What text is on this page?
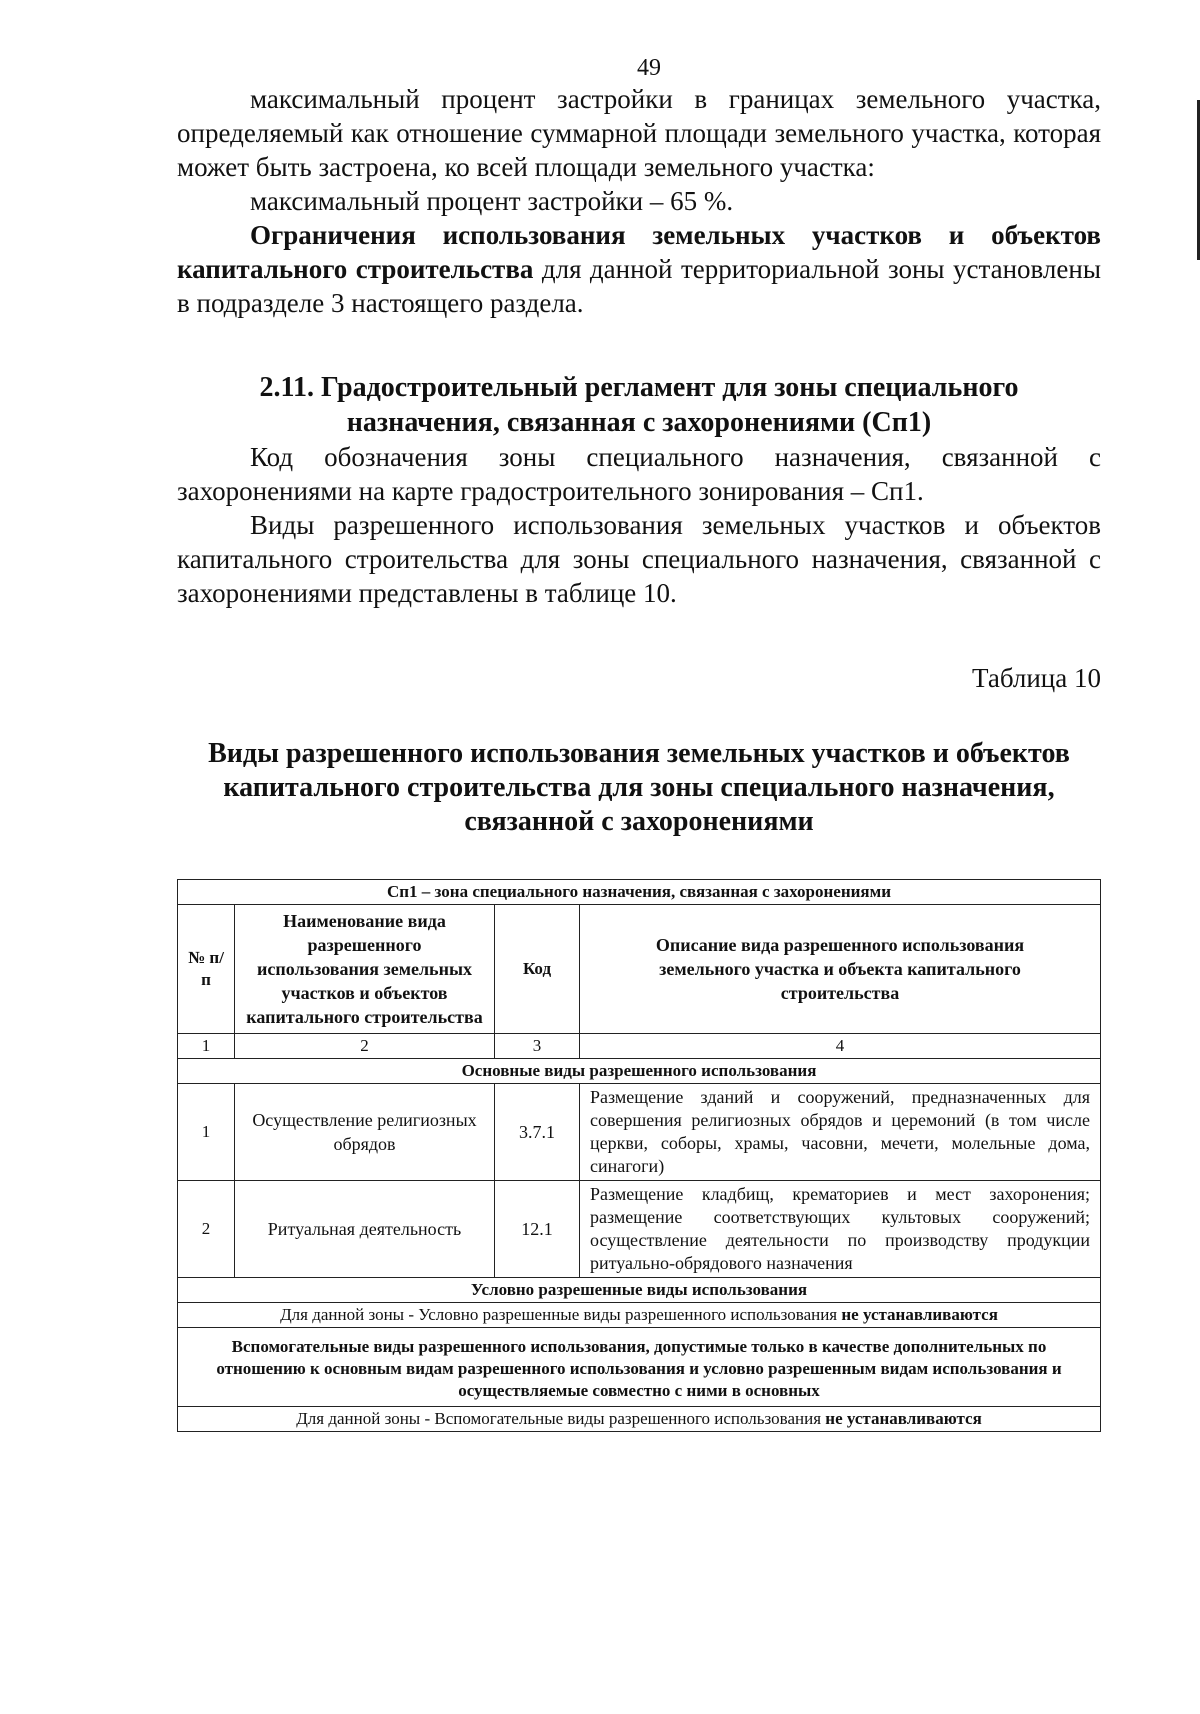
49

максимальный процент застройки в границах земельного участка, определяемый как отношение суммарной площади земельного участка, которая может быть застроена, ко всей площади земельного участка:

максимальный процент застройки – 65 %.

Ограничения использования земельных участков и объектов капитального строительства для данной территориальной зоны установлены в подразделе 3 настоящего раздела.

2.11. Градостроительный регламент для зоны специального назначения, связанная с захоронениями (Сп1)

Код обозначения зоны специального назначения, связанной с захоронениями на карте градостроительного зонирования – Сп1.

Виды разрешенного использования земельных участков и объектов капитального строительства для зоны специального назначения, связанной с захоронениями представлены в таблице 10.

Таблица 10
Виды разрешенного использования земельных участков и объектов капитального строительства для зоны специального назначения, связанной с захоронениями
Сп1 – зона специального назначения, связанная с захоронениями			
№ п/п	Наименование вида разрешенного использования земельных участков и объектов капитального строительства	Код	Описание вида разрешенного использования земельного участка и объекта капитального строительства
1	2	3	4
Основные виды разрешенного использования			
1	Осуществление религиозных обрядов	3.7.1	Размещение зданий и сооружений, предназначенных для совершения религиозных обрядов и церемоний (в том числе церкви, соборы, храмы, часовни, мечети, молельные дома, синагоги)
2	Ритуальная деятельность	12.1	Размещение кладбищ, крематориев и мест захоронения; размещение соответствующих культовых сооружений; осуществление деятельности по производству продукции ритуально-обрядового назначения
Условно разрешенные виды использования			
Для данной зоны - Условно разрешенные виды разрешенного использования не устанавливаются			
Вспомогательные виды разрешенного использования, допустимые только в качестве дополнительных по отношению к основным видам разрешенного использования и условно разрешенным видам использования и осуществляемые совместно с ними в основных			
Для данной зоны - Вспомогательные виды разрешенного использования не устанавливаются			
